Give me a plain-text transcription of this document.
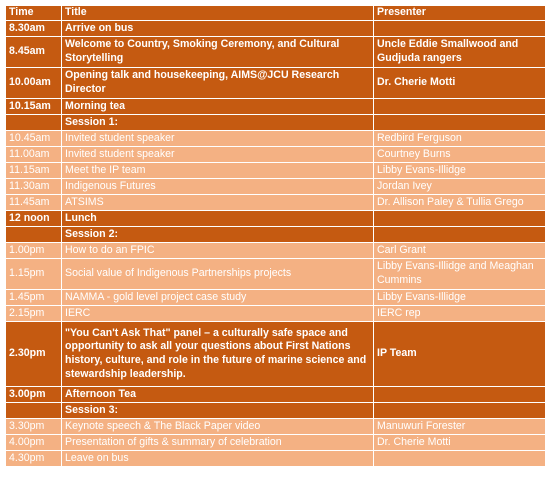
Time	Title	Presenter
8.30am	Arrive on bus	
8.45am	Welcome to Country, Smoking Ceremony, and Cultural Storytelling	Uncle Eddie Smallwood and Gudjuda rangers
10.00am	Opening talk and housekeeping, AIMS@JCU Research Director	Dr. Cherie Motti
10.15am	Morning tea	
	Session 1:	
10.45am	Invited student speaker	Redbird Ferguson
11.00am	Invited student speaker	Courtney Burns
11.15am	Meet the IP team	Libby Evans-Illidge
11.30am	Indigenous Futures	Jordan Ivey
11.45am	ATSIMS	Dr. Allison Paley & Tullia Grego
12 noon	Lunch	
	Session 2:	
1.00pm	How to do an FPIC	Carl Grant
1.15pm	Social value of Indigenous Partnerships projects	Libby Evans-Illidge and Meaghan Cummins
1.45pm	NAMMA - gold level project case study	Libby Evans-Illidge
2.15pm	IERC	IERC rep
2.30pm	"You Can't Ask That" panel – a culturally safe space and opportunity to ask all your questions about First Nations history, culture, and role in the future of marine science and stewardship leadership.	IP Team
3.00pm	Afternoon Tea	
	Session 3:	
3.30pm	Keynote speech & The Black Paper video	Manuwuri Forester
4.00pm	Presentation of gifts & summary of celebration	Dr. Cherie Motti
4.30pm	Leave on bus	
